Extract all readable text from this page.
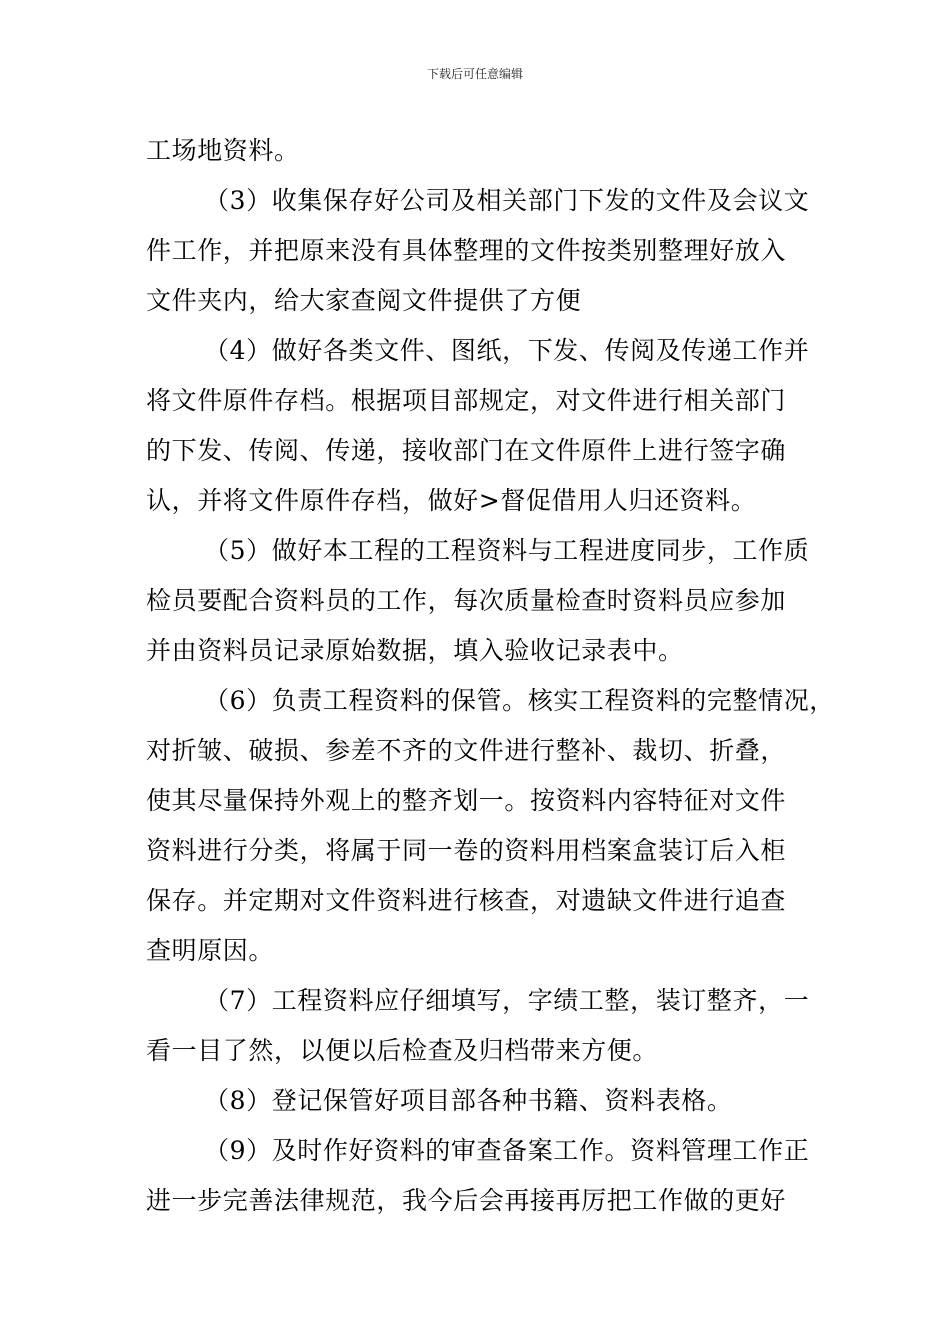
下载后可任意编辑
工场地资料。
（3）收集保存好公司及相关部门下发的文件及会议文
件工作，并把原来没有具体整理的文件按类别整理好放入
文件夹内，给大家查阅文件提供了方便
（4）做好各类文件、图纸，下发、传阅及传递工作并
将文件原件存档。根据项目部规定，对文件进行相关部门
的下发、传阅、传递，接收部门在文件原件上进行签字确
认，并将文件原件存档，做好>督促借用人归还资料。
（5）做好本工程的工程资料与工程进度同步，工作质
检员要配合资料员的工作，每次质量检查时资料员应参加
并由资料员记录原始数据，填入验收记录表中。
（6）负责工程资料的保管。核实工程资料的完整情况，
对折皱、破损、参差不齐的文件进行整补、裁切、折叠，
使其尽量保持外观上的整齐划一。按资料内容特征对文件
资料进行分类，将属于同一卷的资料用档案盒装订后入柜
保存。并定期对文件资料进行核查，对遗缺文件进行追查
查明原因。
（7）工程资料应仔细填写，字绩工整，装订整齐，一
看一目了然，以便以后检查及归档带来方便。
（8）登记保管好项目部各种书籍、资料表格。
（9）及时作好资料的审查备案工作。资料管理工作正
进一步完善法律规范，我今后会再接再厉把工作做的更好
